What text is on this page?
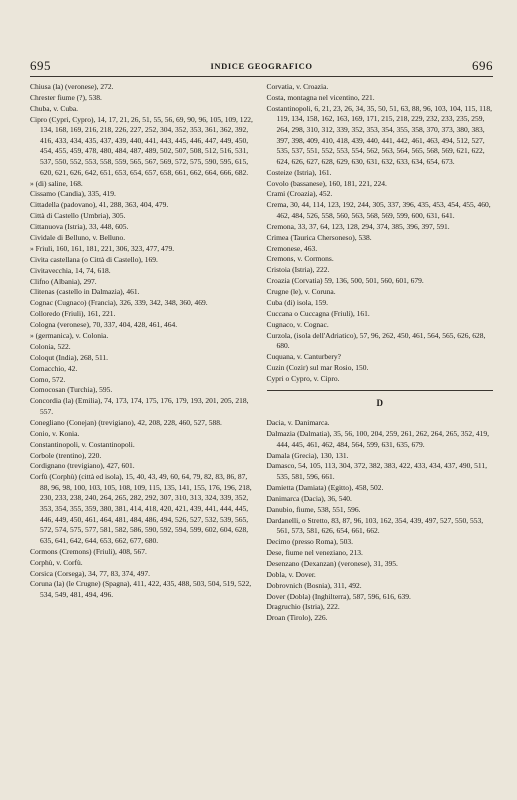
695	INDICE GEOGRAFICO	696
Chiusa (la) (veronese), 272.
Chrester fiume (?), 538.
Chuba, v. Cuba.
Cipro (Cypri, Cypro), 14, 17, 21, 26, 51, 55, 56, 69, 90, 96, 105, 109, 122, 134, 168, 169, 216, 218, 226, 227, 252, 304, 352, 353, 361, 362, 392, 416, 433, 434, 435, 437, 439, 440, 441, 443, 445, 446, 447, 449, 450, 454, 455, 459, 478, 480, 484, 487, 489, 502, 507, 508, 512, 516, 531, 537, 550, 552, 553, 558, 559, 565, 567, 569, 572, 575, 590, 595, 615, 620, 621, 626, 642, 651, 653, 654, 657, 658, 661, 662, 664, 666, 682.
» (di) saline, 168.
Cissamo (Candia), 335, 419.
Cittadella (padovano), 41, 288, 363, 404, 479.
Città di Castello (Umbria), 305.
Cittanuova (Istria), 33, 448, 605.
Cividale di Belluno, v. Belluno.
» Friuli, 160, 161, 181, 221, 306, 323, 477, 479.
Civita castellana (o Città di Castello), 169.
Civitavecchia, 14, 74, 618.
Clifno (Albania), 297.
Clitenas (castello in Dalmazia), 461.
Cognac (Cugnaco) (Francia), 326, 339, 342, 348, 360, 469.
Colloredo (Friuli), 161, 221.
Cologna (veronese), 70, 337, 404, 428, 461, 464.
» (germanica), v. Colonia.
Colonia, 522.
Coloqut (India), 268, 511.
Comacchio, 42.
Como, 572.
Comocosan (Turchia), 595.
Concordia (la) (Emilia), 74, 173, 174, 175, 176, 179, 193, 201, 205, 218, 557.
Conegliano (Conejan) (trevigiano), 42, 208, 228, 460, 527, 588.
Conio, v. Konia.
Constantinopoli, v. Costantinopoli.
Corbole (trentino), 220.
Cordignano (trevigiano), 427, 601.
Corfù (Corphù) (città ed isola), 15, 40, 43, 49, 60, 64, 79, 82, 83, 86, 87, 88, 96, 98, 100, 103, 105, 108, 109, 115, 135, 141, 155, 176, 196, 218, 230, 233, 238, 240, 264, 265, 282, 292, 307, 310, 313, 324, 339, 352, 353, 354, 355, 359, 380, 381, 414, 418, 420, 421, 439, 441, 444, 445, 446, 449, 450, 461, 464, 481, 484, 486, 494, 526, 527, 532, 539, 565, 572, 574, 575, 577, 581, 582, 586, 590, 592, 594, 599, 602, 604, 628, 635, 641, 642, 644, 653, 662, 677, 680.
Cormons (Cremons) (Friuli), 408, 567.
Corphù, v. Corfù.
Corsica (Corsega), 34, 77, 83, 374, 497.
Coruna (la) (le Crugne) (Spagna), 411, 422, 435, 488, 503, 504, 519, 522, 534, 549, 481, 494, 496.
Corvatia, v. Croazia.
Costa, montagna nel vicentino, 221.
Costantinopoli, 6, 21, 23, 26, 34, 35, 50, 51, 63, 88, 96, 103, 104, 115, 118, 119, 134, 158, 162, 163, 169, 171, 215, 218, 229, 232, 233, 235, 259, 264, 298, 310, 312, 339, 352, 353, 354, 355, 358, 370, 373, 380, 383, 397, 398, 409, 410, 418, 439, 440, 441, 442, 461, 463, 494, 512, 527, 535, 537, 551, 552, 553, 554, 562, 563, 564, 565, 568, 569, 621, 622, 624, 626, 627, 628, 629, 630, 631, 632, 633, 634, 654, 673.
Costeize (Istria), 161.
Covolo (bassanese), 160, 181, 221, 224.
Crami (Croazia), 452.
Crema, 30, 44, 114, 123, 192, 244, 305, 337, 396, 435, 453, 454, 455, 460, 462, 484, 526, 558, 560, 563, 568, 569, 599, 600, 631, 641.
Cremona, 33, 37, 64, 123, 128, 294, 374, 385, 396, 397, 591.
Crimea (Taurica Chersoneso), 538.
Cremonese, 463.
Cremons, v. Cormons.
Cristoia (Istria), 222.
Croazia (Corvatia) 59, 136, 500, 501, 560, 601, 679.
Crugne (le), v. Coruna.
Cuba (di) isola, 159.
Cuccana o Cuccagna (Friuli), 161.
Cugnaco, v. Cognac.
Curzola, (isola dell'Adriatico), 57, 96, 262, 450, 461, 564, 565, 626, 628, 680.
Cuquana, v. Canturbery?
Cuzin (Cozir) sul mar Rosio, 150.
Cypri o Cypro, v. Cipro.
D
Dacia, v. Danimarca.
Dalmazia (Dalmatia), 35, 56, 100, 204, 259, 261, 262, 264, 265, 352, 419, 444, 445, 461, 462, 484, 564, 599, 631, 635, 679.
Damala (Grecia), 130, 131.
Damasco, 54, 105, 113, 304, 372, 382, 383, 422, 433, 434, 437, 490, 511, 535, 581, 596, 661.
Damietta (Damiata) (Egitto), 458, 502.
Danimarca (Dacia), 36, 540.
Danubio, fiume, 538, 551, 596.
Dardanelli, o Stretto, 83, 87, 96, 103, 162, 354, 439, 497, 527, 550, 553, 561, 573, 581, 626, 654, 661, 662.
Decimo (presso Roma), 503.
Dese, fiume nel veneziano, 213.
Desenzano (Dexanzan) (veronese), 31, 395.
Dobla, v. Dover.
Dobrovnich (Bosnia), 311, 492.
Dover (Dobla) (Inghilterra), 587, 596, 616, 639.
Dragruchio (Istria), 222.
Droan (Tirolo), 226.
